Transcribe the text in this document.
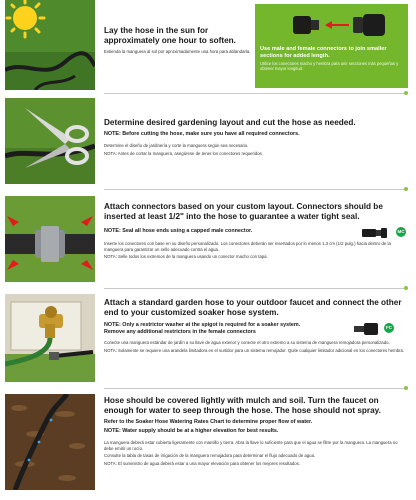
Lay the hose in the sun for approximately one hour to soften.

Extienda la manguera al sol por aproximadamente una hora para ablandarla. Use male and female connectors to join smaller sections for added length.

Utilice los conectores macho y hembra para unir secciones más pequeñas y obtener mayor longitud.

Determine desired gardening layout and cut the hose as needed.

NOTE: Before cutting the hose, make sure you have all required connectors.

Determine el diseño de jardinería y corte la manguera según sea necesario.

NOTA: Antes de cortar la manguera, asegúrese de tener los conectores requeridos.

Attach connectors based on your custom layout. Connectors should be inserted at least 1/2" into the hose to guarantee a water tight seal.

NOTE: Seal all hose ends using a capped male connector.	MC

Inserte los conectores con base en su diseño personalizado. Los conectores deberán ser insertados por lo menos 1.3 cm (1/2 pulg.) hacia dentro de la manguera para garantizar un sello adecuado contra el agua.

NOTA: Selle todos los extremos de la manguera usando un conector macho con tapa.

Attach a standard garden hose to your outdoor faucet and connect the other end to your customized soaker hose system.

NOTE: Only a restrictor washer at the spigot is required for a soaker system.

Remove any additional restrictors in the female connectors

FC

Conecte una manguera estándar de jardín a su llave de agua exterior y conecte el otro extremo a su sistema de manguera remojadora personalizado.

NOTA: Solamente se requiere una arandela limitadora en el surtidor para un sistema remojador. Quite cualquier limitador adicional en los conectores hembra.

Hose should be covered lightly with mulch and soil. Turn the faucet on enough for water to seep through the hose. The hose should not spray.

Refer to the Soaker Hose Watering Rates Chart to determine proper flow of water.

NOTE: Water supply should be at a higher elevation for best results.

La manguera deberá estar cubierta ligeramente con mantillo y tierra. Abra la llave lo suficiente para que el agua se filtre por la manguera. La manguera no debe emitir un rocío.

Consulte la tabla de tasas de irrigación de la manguera remojadora para determinar el flujo adecuado de agua.

NOTA: El suministro de agua deberá estar a una mayor elevación para obtener los mejores resultados.
